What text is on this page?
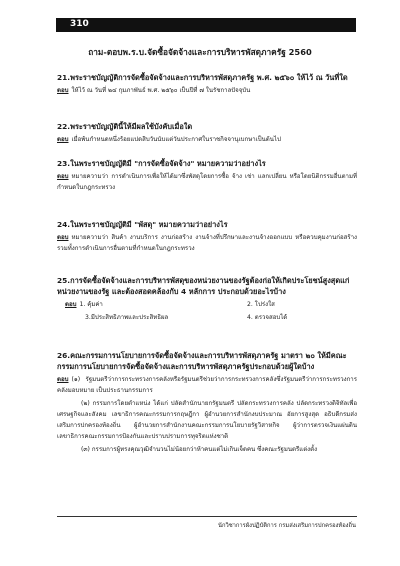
310
ถาม-ตอบพ.ร.บ.จัดซื้อจัดจ้างและการบริหารพัสดุภาครัฐ 2560

21.พระราชบัญญัติการจัดซื้อจัดจ้างและการบริหารพัสดุภาครัฐ พ.ศ. ๒๕๖๐ ให้ไว้ ณ วันที่ใด

ตอบ ให้ไว้ ณ วันที่ ๒๔ กุมภาพันธ์ พ.ศ. ๒๕๖๐ เป็นปีที่ ๗ ในรัชกาลปัจจุบัน

22.พระราชบัญญัตินี้ให้มีผลใช้บังคับเมื่อใด

ตอบ เมื่อพ้นกำหนดหนึ่งร้อยแปดสิบวันนับแต่วันประกาศในราชกิจจานุเบกษาเป็นต้นไป

23.ในพระราชบัญญัติมี "การจัดซื้อจัดจ้าง" หมายความว่าอย่างไร

ตอบ หมายความว่า การดำเนินการเพื่อให้ได้มาซึ่งพัสดุโดยการซื้อ จ้าง เช่า แลกเปลี่ยน หรือโดยนิติกรรมอื่นตามที่กำหนดในกฎกระทรวง

24.ในพระราชบัญญัติมี "พัสดุ" หมายความว่าอย่างไร

ตอบ หมายความว่า สินค้า งานบริการ งานก่อสร้าง งานจ้างที่ปรึกษาและงานจ้างออกแบบ หรือควบคุมงานก่อสร้าง รวมทั้งการดำเนินการอื่นตามที่กำหนดในกฎกระทรวง

25.การจัดซื้อจัดจ้างและการบริหารพัสดุของหน่วยงานของรัฐต้องก่อให้เกิดประโยชน์สูงสุดแก่หน่วยงานของรัฐ และต้องสอดคล้องกับ 4 หลักการ ประกอบด้วยอะไรบ้าง

ตอบ 1. คุ้มค่า	2. โปร่งใส
3.มีประสิทธิภาพและประสิทธิผล	4. ตรวจสอบได้

26.คณะกรรมการนโยบายการจัดซื้อจัดจ้างและการบริหารพัสดุภาครัฐ มาตรา ๒๐ ให้มีคณะกรรมการนโยบายการจัดซื้อจัดจ้างและการบริหารพัสดุภาครัฐประกอบด้วยผู้ใดบ้าง

ตอบ (๑) รัฐมนตรีว่าการกระทรวงการคลังหรือรัฐมนตรีช่วยว่าการกระทรวงการคลังซึ่งรัฐมนตรีว่าการกระทรวงการคลังมอบหมาย เป็นประธานกรรมการ

(๒) กรรมการโดยตำแหน่ง ได้แก่ ปลัดสำนักนายกรัฐมนตรี ปลัดกระทรวงการคลัง ปลัดกระทรวงดิจิทัลเพื่อเศรษฐกิจและสังคม เลขาธิการคณะกรรมการกฤษฎีกา ผู้อำนวยการสำนักงบประมาณ อัยการสูงสุด อธิบดีกรมส่งเสริมการปกครองท้องถิ่น ผู้อำนวยการสำนักงานคณะกรรมการนโยบายรัฐวิสาหกิจ ผู้ว่าการตรวจเงินแผ่นดิน เลขาธิการคณะกรรมการป้องกันและปราบปรามการทุจริตแห่งชาติ

(๓) กรรมการผู้ทรงคุณวุฒิจำนวนไม่น้อยกว่าห้าคนแต่ไม่เกินเจ็ดคน ซึ่งคณะรัฐมนตรีแต่งตั้ง

นักวิชาการผังปฏิบัติการ กรมส่งเสริมการปกครองท้องถิ่น
